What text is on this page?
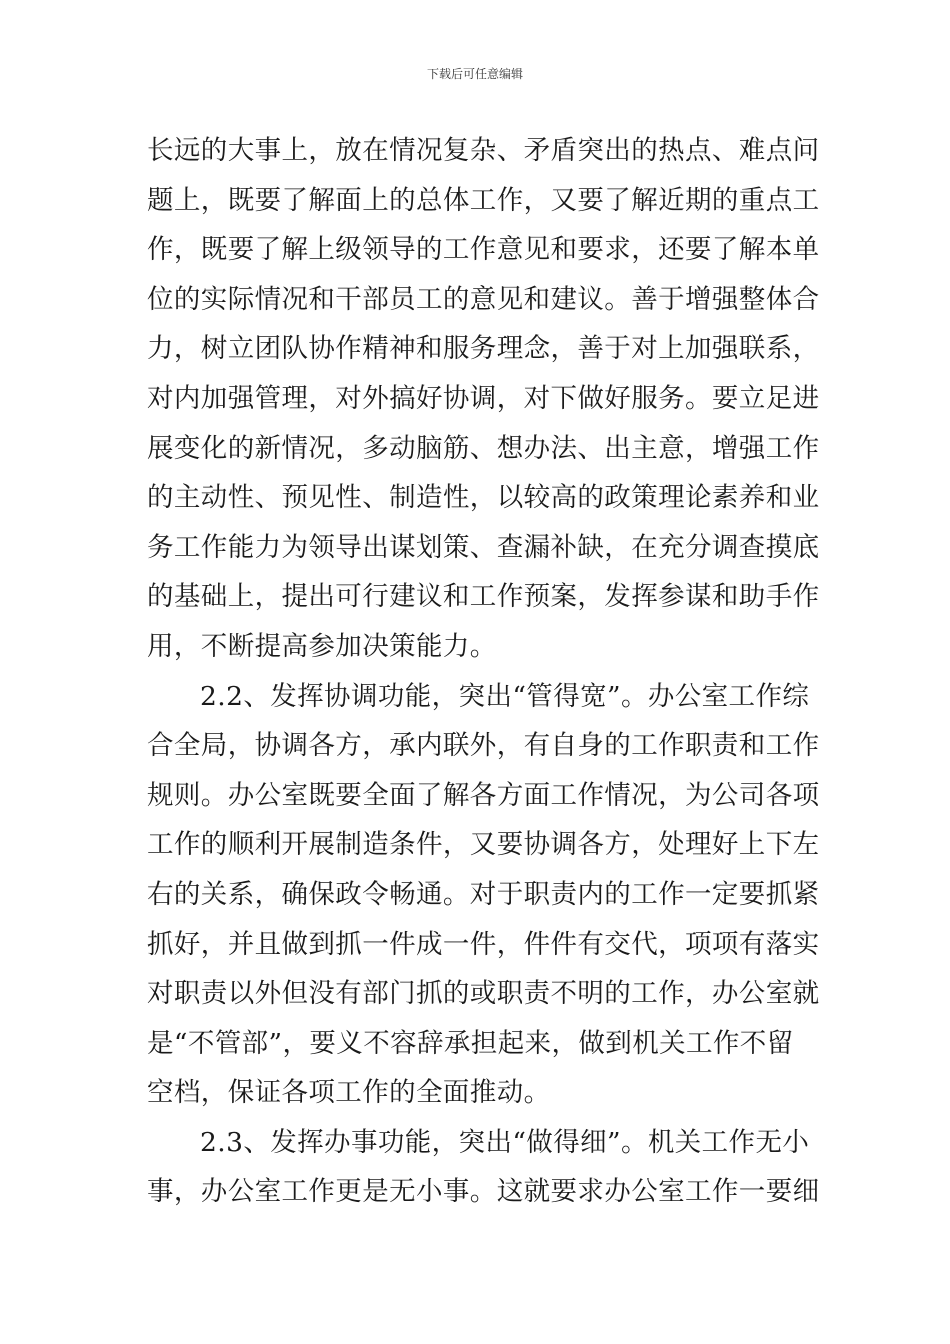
下载后可任意编辑
长远的大事上，放在情况复杂、矛盾突出的热点、难点问
题上，既要了解面上的总体工作，又要了解近期的重点工
作，既要了解上级领导的工作意见和要求，还要了解本单
位的实际情况和干部员工的意见和建议。善于增强整体合
力，树立团队协作精神和服务理念，善于对上加强联系，
对内加强管理，对外搞好协调，对下做好服务。要立足进
展变化的新情况，多动脑筋、想办法、出主意，增强工作
的主动性、预见性、制造性，以较高的政策理论素养和业
务工作能力为领导出谋划策、查漏补缺，在充分调查摸底
的基础上，提出可行建议和工作预案，发挥参谋和助手作
用，不断提高参加决策能力。
2.2、发挥协调功能，突出“管得宽”。办公室工作综
合全局，协调各方，承内联外，有自身的工作职责和工作
规则。办公室既要全面了解各方面工作情况，为公司各项
工作的顺利开展制造条件，又要协调各方，处理好上下左
右的关系，确保政令畅通。对于职责内的工作一定要抓紧
抓好，并且做到抓一件成一件，件件有交代，项项有落实
对职责以外但没有部门抓的或职责不明的工作，办公室就
是“不管部”，要义不容辞承担起来，做到机关工作不留
空档，保证各项工作的全面推动。
2.3、发挥办事功能，突出“做得细”。机关工作无小
事，办公室工作更是无小事。这就要求办公室工作一要细
